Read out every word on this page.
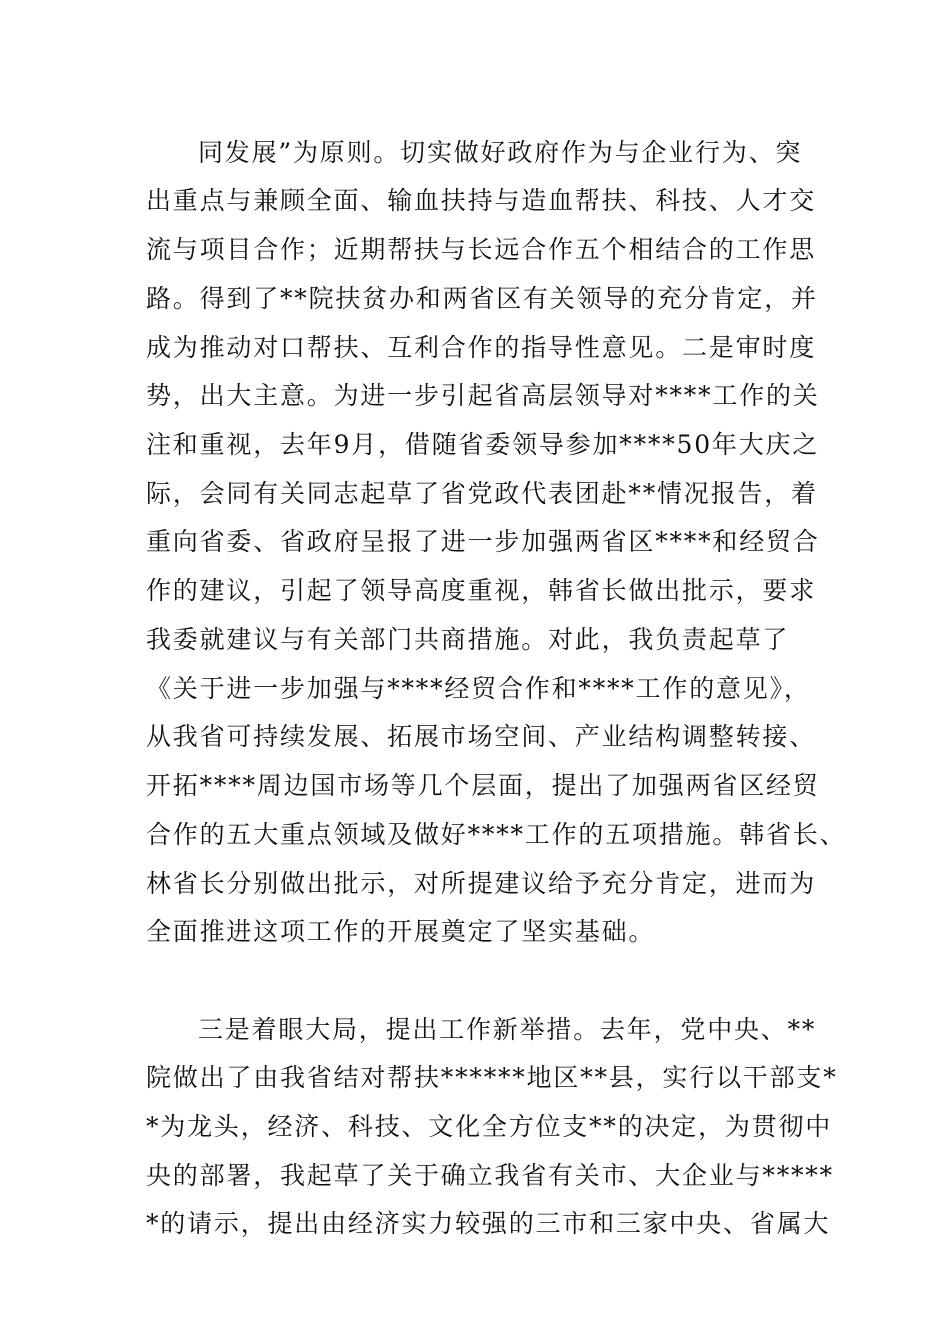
同发展”为原则。切实做好政府作为与企业行为、突
出重点与兼顾全面、输血扶持与造血帮扶、科技、人才交
流与项目合作；近期帮扶与长远合作五个相结合的工作思
路。得到了**院扶贫办和两省区有关领导的充分肯定，并
成为推动对口帮扶、互利合作的指导性意见。二是审时度
势，出大主意。为进一步引起省高层领导对****工作的关
注和重视，去年9月，借随省委领导参加****50年大庆之
际，会同有关同志起草了省党政代表团赴**情况报告，着
重向省委、省政府呈报了进一步加强两省区****和经贸合
作的建议，引起了领导高度重视，韩省长做出批示，要求
我委就建议与有关部门共商措施。对此，我负责起草了
《关于进一步加强与****经贸合作和****工作的意见》，
从我省可持续发展、拓展市场空间、产业结构调整转接、
开拓****周边国市场等几个层面，提出了加强两省区经贸
合作的五大重点领域及做好****工作的五项措施。韩省长、
林省长分别做出批示，对所提建议给予充分肯定，进而为
全面推进这项工作的开展奠定了坚实基础。
三是着眼大局，提出工作新举措。去年，党中央、**
院做出了由我省结对帮扶******地区**县，实行以干部支*
*为龙头，经济、科技、文化全方位支**的决定，为贯彻中
央的部署，我起草了关于确立我省有关市、大企业与*****
*的请示，提出由经济实力较强的三市和三家中央、省属大
